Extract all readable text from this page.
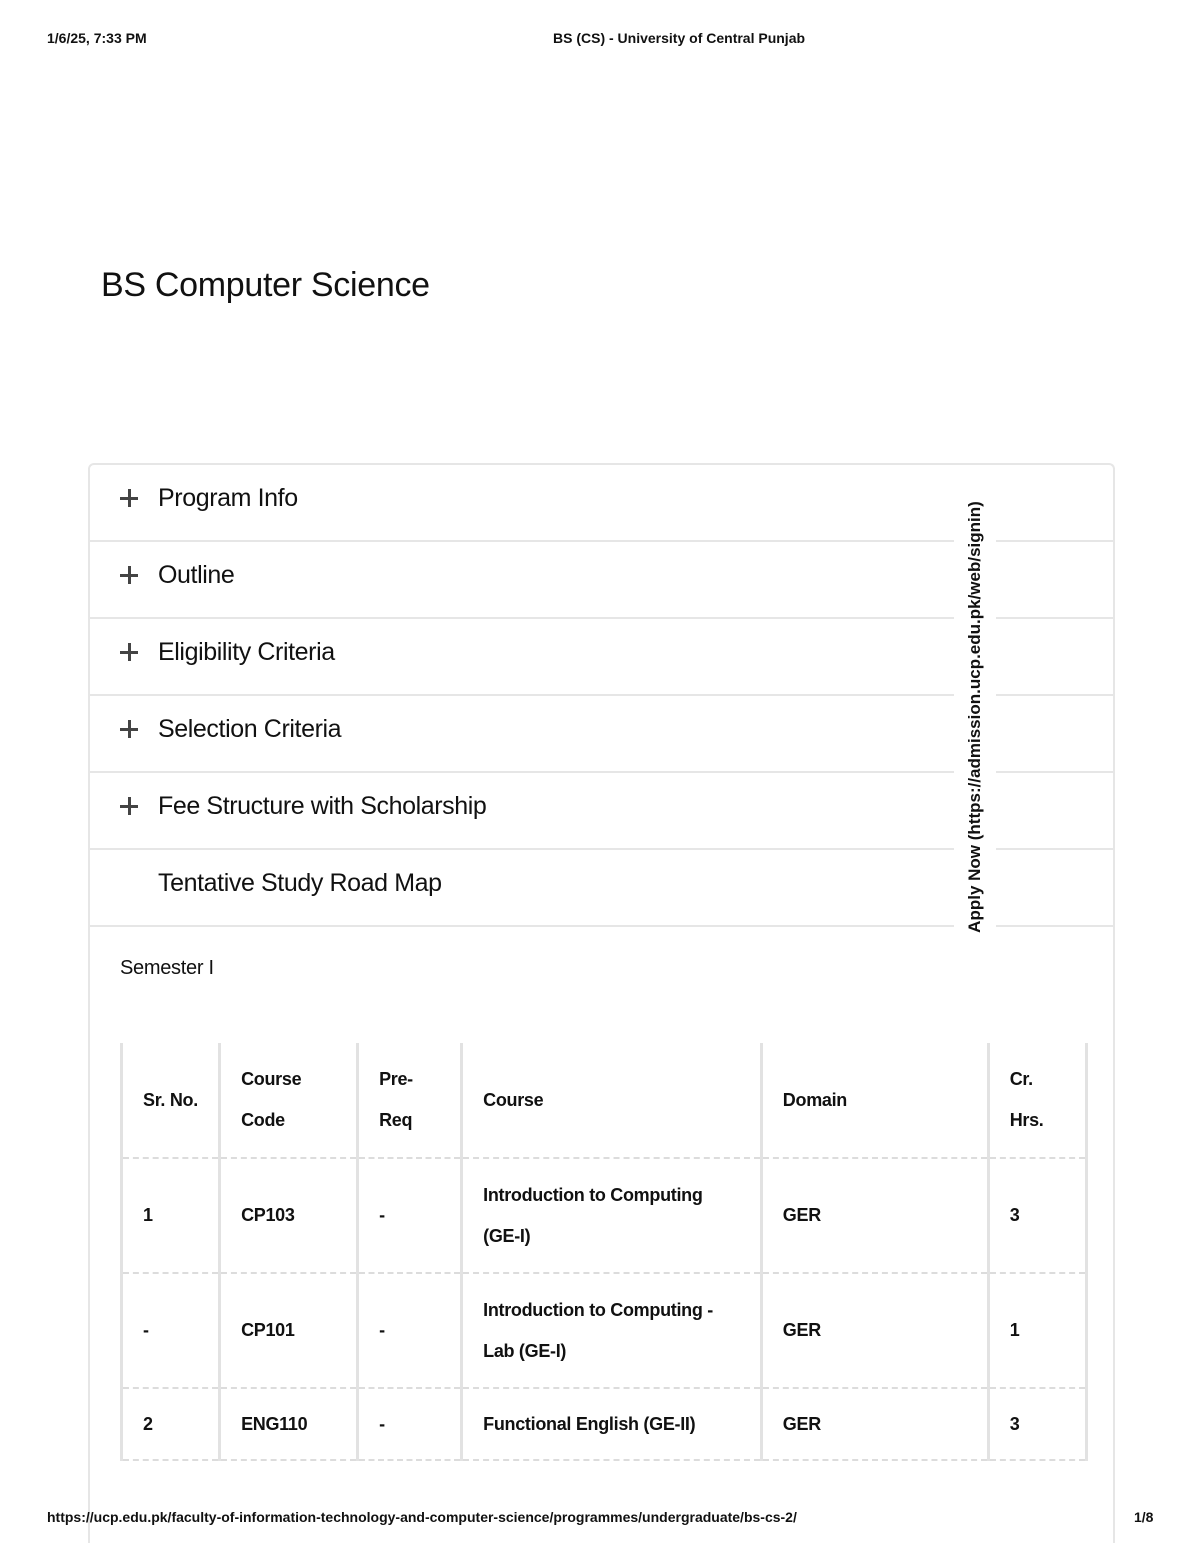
1/6/25, 7:33 PM	BS (CS) - University of Central Punjab
BS Computer Science
Program Info
Outline
Eligibility Criteria
Selection Criteria
Fee Structure with Scholarship
Tentative Study Road Map
Semester I
Sr. No.	Course Code	Pre-Req	Course	Domain	Cr. Hrs.
1	CP103	-	Introduction to Computing (GE-I)	GER	3
-	CP101	-	Introduction to Computing - Lab (GE-I)	GER	1
2	ENG110	-	Functional English (GE-II)	GER	3
Apply Now (https://admission.ucp.edu.pk/web/signin)
https://ucp.edu.pk/faculty-of-information-technology-and-computer-science/programmes/undergraduate/bs-cs-2/	1/8
